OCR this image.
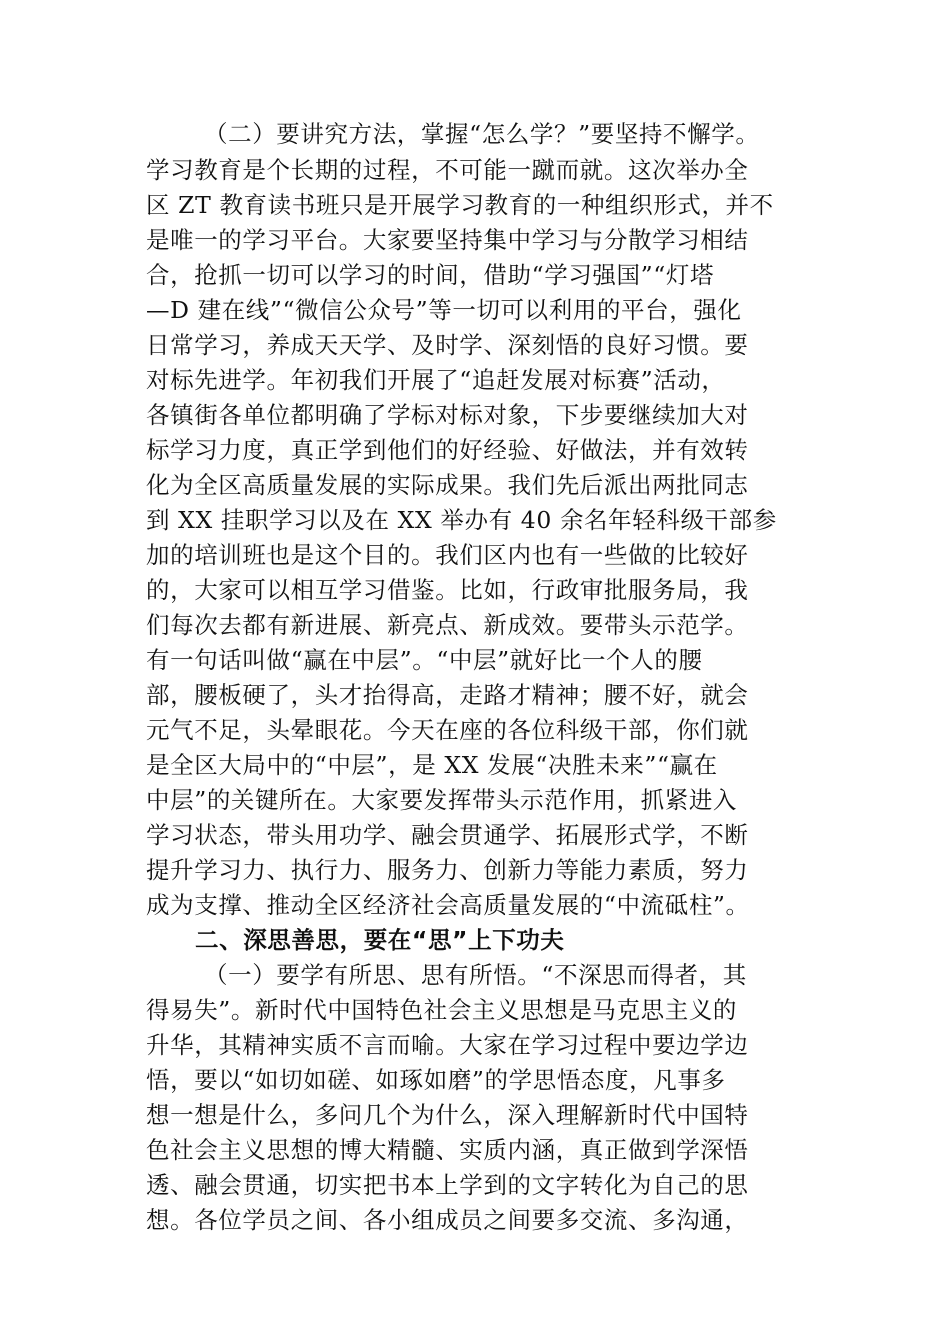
（二）要讲究方法，掌握“怎么学？”要坚持不懈学。
学习教育是个长期的过程，不可能一蹴而就。这次举办全
区 ZT 教育读书班只是开展学习教育的一种组织形式，并不
是唯一的学习平台。大家要坚持集中学习与分散学习相结
合，抢抓一切可以学习的时间，借助“学习强国”“灯塔
—D 建在线”“微信公众号”等一切可以利用的平台，强化
日常学习，养成天天学、及时学、深刻悟的良好习惯。要
对标先进学。年初我们开展了“追赶发展对标赛”活动，
各镇街各单位都明确了学标对标对象，下步要继续加大对
标学习力度，真正学到他们的好经验、好做法，并有效转
化为全区高质量发展的实际成果。我们先后派出两批同志
到 XX 挂职学习以及在 XX 举办有 40 余名年轻科级干部参
加的培训班也是这个目的。我们区内也有一些做的比较好
的，大家可以相互学习借鉴。比如，行政审批服务局，我
们每次去都有新进展、新亮点、新成效。要带头示范学。
有一句话叫做“赢在中层”。“中层”就好比一个人的腰
部，腰板硬了，头才抬得高，走路才精神；腰不好，就会
元气不足，头晕眼花。今天在座的各位科级干部，你们就
是全区大局中的“中层”，是 XX 发展“决胜未来”“赢在
中层”的关键所在。大家要发挥带头示范作用，抓紧进入
学习状态，带头用功学、融会贯通学、拓展形式学，不断
提升学习力、执行力、服务力、创新力等能力素质，努力
成为支撑、推动全区经济社会高质量发展的“中流砥柱”。
二、深思善思，要在“思”上下功夫
（一）要学有所思、思有所悟。“不深思而得者，其
得易失”。新时代中国特色社会主义思想是马克思主义的
升华，其精神实质不言而喻。大家在学习过程中要边学边
悟，要以“如切如磋、如琢如磨”的学思悟态度，凡事多
想一想是什么，多问几个为什么，深入理解新时代中国特
色社会主义思想的博大精髓、实质内涵，真正做到学深悟
透、融会贯通，切实把书本上学到的文字转化为自己的思
想。各位学员之间、各小组成员之间要多交流、多沟通，
